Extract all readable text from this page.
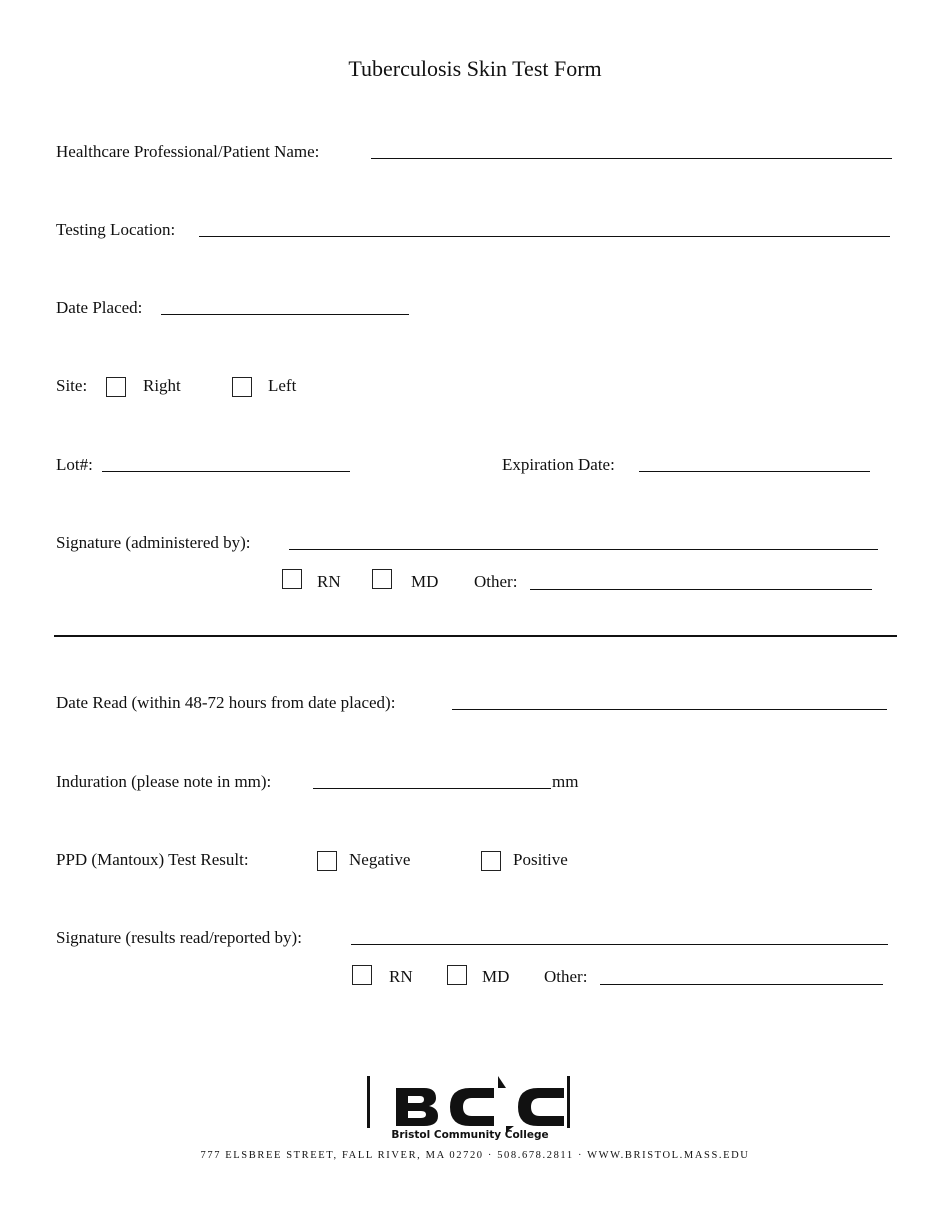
Tuberculosis Skin Test Form
Healthcare Professional/Patient Name:
Testing Location:
Date Placed:
Site:	Right	Left
Lot#:	Expiration Date:
Signature (administered by):
RN	MD Other:
Date Read (within 48-72 hours from date placed):
Induration (please note in mm):	mm
PPD (Mantoux) Test Result:	Negative	Positive
Signature (results read/reported by):
RN	MD Other:
Bristol Community College
777 ELSBREE STREET, FALL RIVER, MA 02720 · 508.678.2811 · WWW.BRISTOL.MASS.EDU
